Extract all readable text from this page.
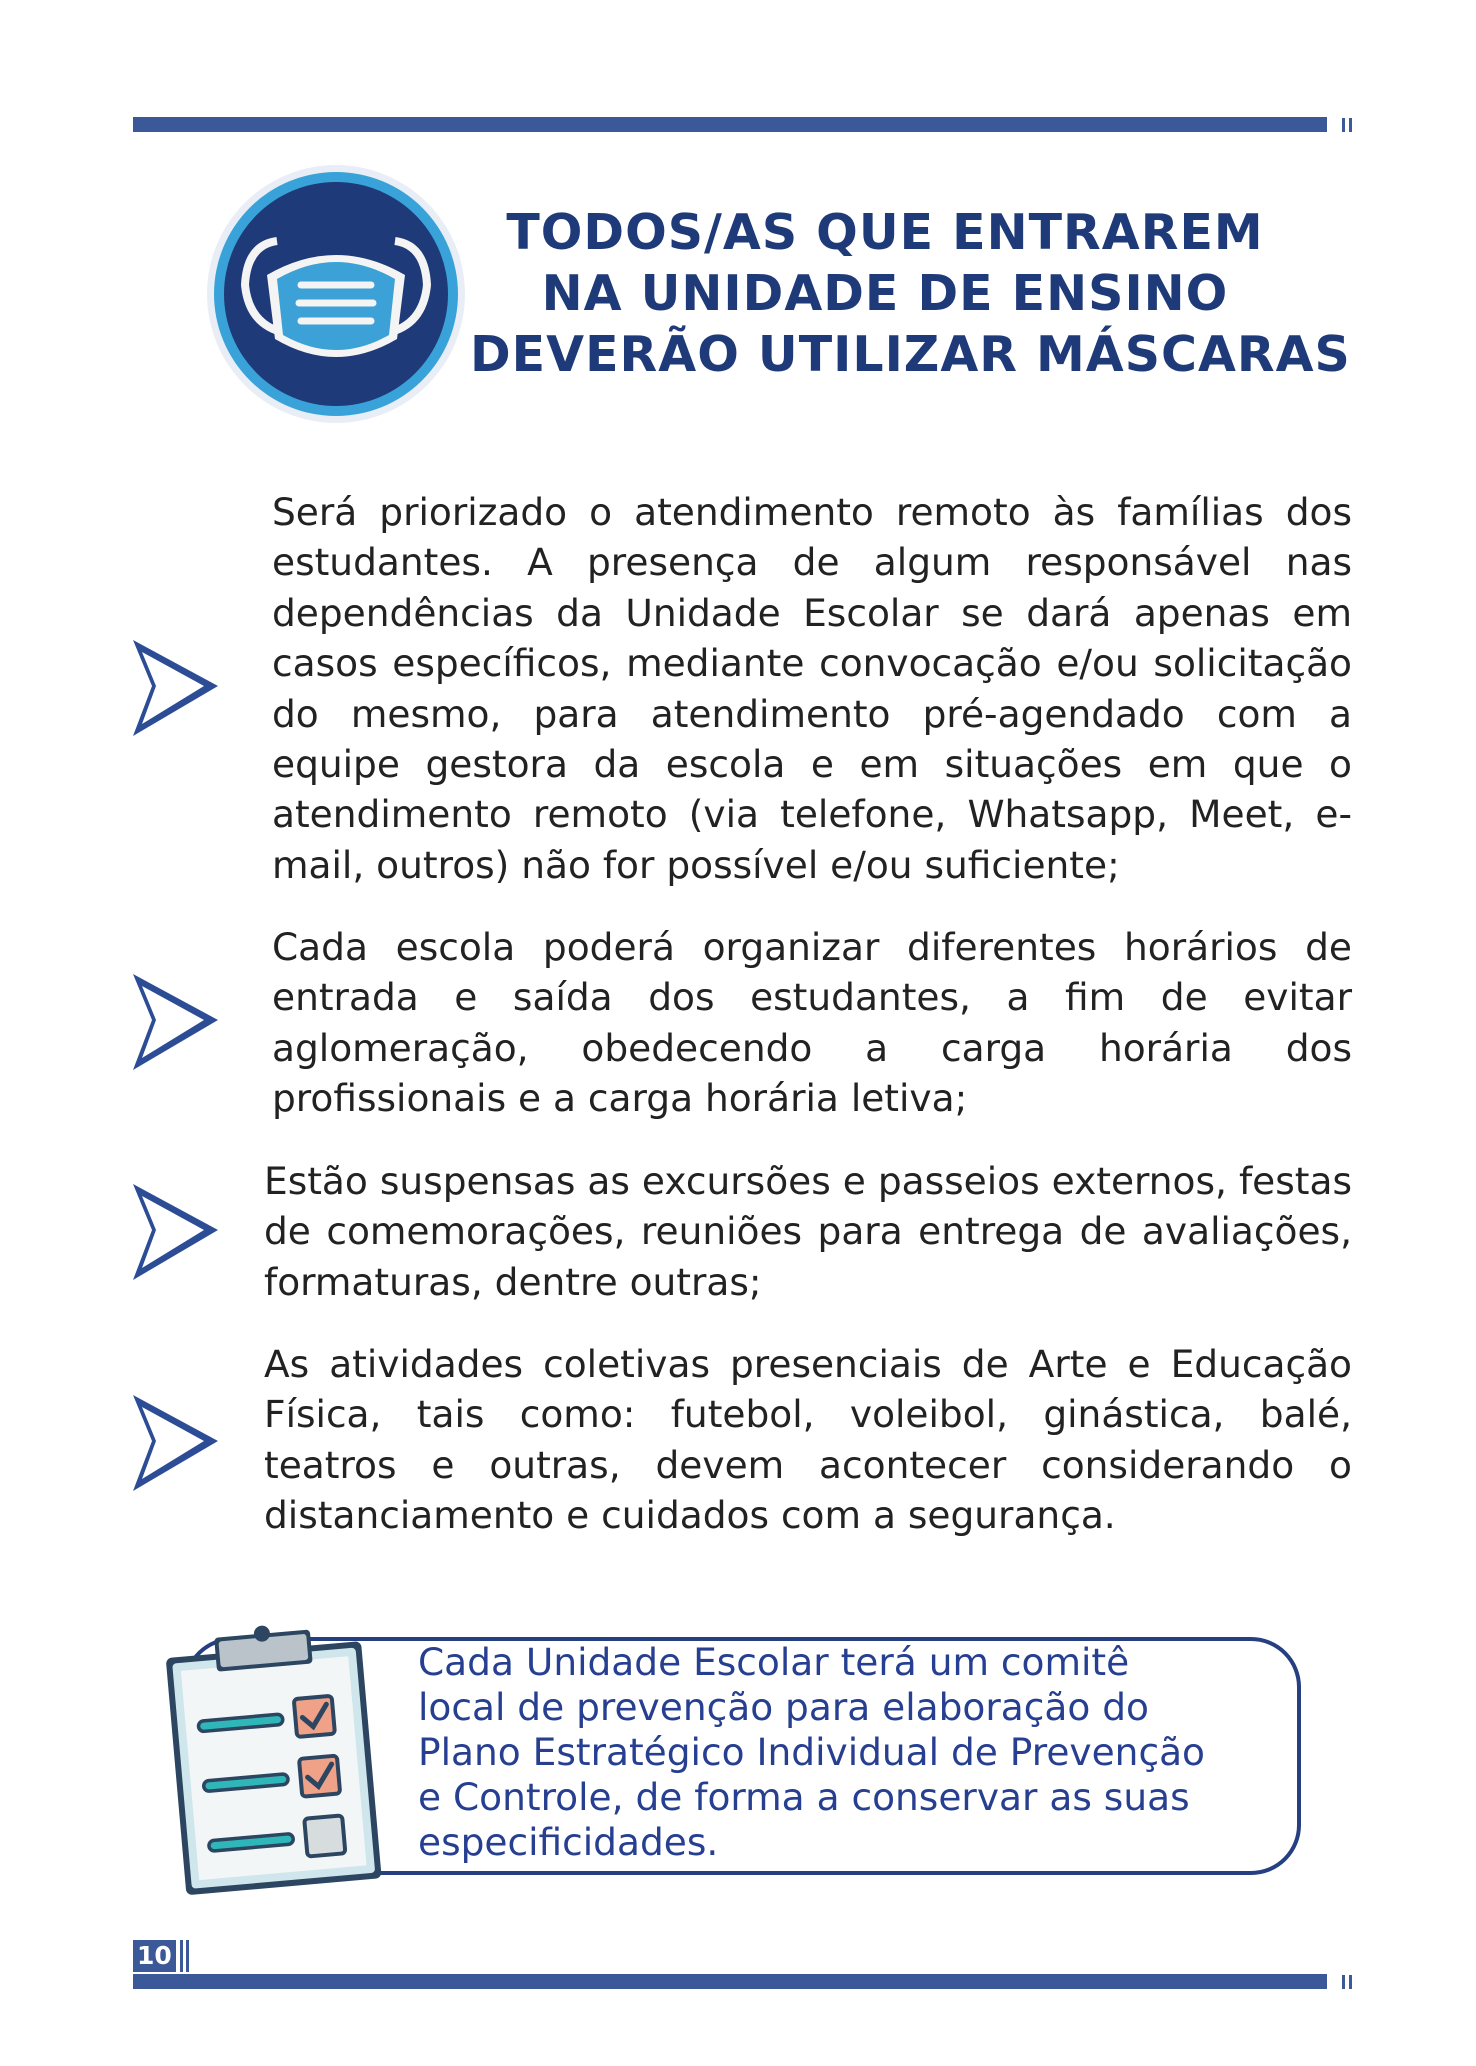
TODOS/AS QUE ENTRAREM
NA UNIDADE DE ENSINO
DEVERÃO UTILIZAR MÁSCARAS

Será priorizado o atendimento remoto às famílias dos estudantes. A presença de algum responsável nas dependências da Unidade Escolar se dará apenas em casos específicos, mediante convocação e/ou solicitação do mesmo, para atendimento pré-agendado com a equipe gestora da escola e em situações em que o atendimento remoto (via telefone, Whatsapp, Meet, e-mail, outros) não for possível e/ou suficiente;

Cada escola poderá organizar diferentes horários de entrada e saída dos estudantes, a fim de evitar aglomeração, obedecendo a carga horária dos profissionais e a carga horária letiva;

Estão suspensas as excursões e passeios externos, festas de comemorações, reuniões para entrega de avaliações, formaturas, dentre outras;

As atividades coletivas presenciais de Arte e Educação Física, tais como: futebol, voleibol, ginástica, balé, teatros e outras, devem acontecer considerando o distanciamento e cuidados com a segurança.

Cada Unidade Escolar terá um comitê
local de prevenção para elaboração do
Plano Estratégico Individual de Prevenção
e Controle, de forma a conservar as suas
especificidades.
10
